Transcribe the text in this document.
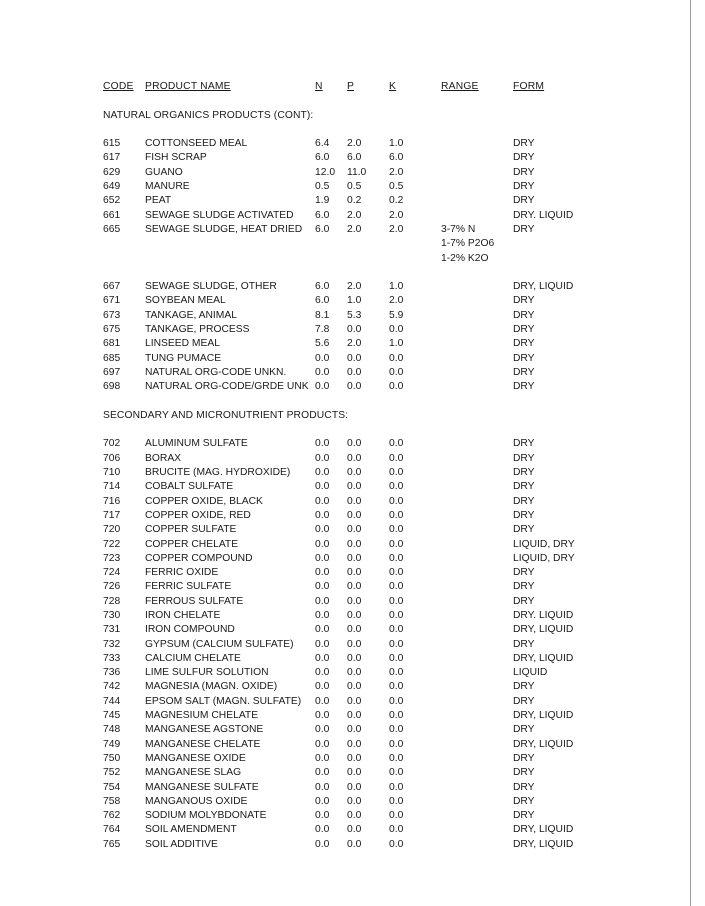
CODE	PRODUCT NAME	N	P	K	RANGE	FORM

NATURAL ORGANICS PRODUCTS (CONT):						

615	COTTONSEED MEAL	6.4	2.0	1.0		DRY
617	FISH SCRAP	6.0	6.0	6.0		DRY
629	GUANO	12.0	11.0	2.0		DRY
649	MANURE	0.5	0.5	0.5		DRY
652	PEAT	1.9	0.2	0.2		DRY
661	SEWAGE SLUDGE ACTIVATED	6.0	2.0	2.0		DRY. LIQUID
665	SEWAGE SLUDGE, HEAT DRIED	6.0	2.0	2.0	3-7% N	DRY
					1-7% P2O6	
					1-2% K2O	

667	SEWAGE SLUDGE, OTHER	6.0	2.0	1.0		DRY, LIQUID
671	SOYBEAN MEAL	6.0	1.0	2.0		DRY
673	TANKAGE, ANIMAL	8.1	5.3	5.9		DRY
675	TANKAGE, PROCESS	7.8	0.0	0.0		DRY
681	LINSEED MEAL	5.6	2.0	1.0		DRY
685	TUNG PUMACE	0.0	0.0	0.0		DRY
697	NATURAL ORG-CODE UNKN.	0.0	0.0	0.0		DRY
698	NATURAL ORG-CODE/GRDE UNK	0.0	0.0	0.0		DRY

SECONDARY AND MICRONUTRIENT PRODUCTS:						

702	ALUMINUM SULFATE	0.0	0.0	0.0		DRY
706	BORAX	0.0	0.0	0.0		DRY
710	BRUCITE (MAG. HYDROXIDE)	0.0	0.0	0.0		DRY
714	COBALT SULFATE	0.0	0.0	0.0		DRY
716	COPPER OXIDE, BLACK	0.0	0.0	0.0		DRY
717	COPPER OXIDE, RED	0.0	0.0	0.0		DRY
720	COPPER SULFATE	0.0	0.0	0.0		DRY
722	COPPER CHELATE	0.0	0.0	0.0		LIQUID, DRY
723	COPPER COMPOUND	0.0	0.0	0.0		LIQUID, DRY
724	FERRIC OXIDE	0.0	0.0	0.0		DRY
726	FERRIC SULFATE	0.0	0.0	0.0		DRY
728	FERROUS SULFATE	0.0	0.0	0.0		DRY
730	IRON CHELATE	0.0	0.0	0.0		DRY. LIQUID
731	IRON COMPOUND	0.0	0.0	0.0		DRY, LIQUID
732	GYPSUM (CALCIUM SULFATE)	0.0	0.0	0.0		DRY
733	CALCIUM CHELATE	0.0	0.0	0.0		DRY, LIQUID
736	LIME SULFUR SOLUTION	0.0	0.0	0.0		LIQUID
742	MAGNESIA (MAGN. OXIDE)	0.0	0.0	0.0		DRY
744	EPSOM SALT (MAGN. SULFATE)	0.0	0.0	0.0		DRY
745	MAGNESIUM CHELATE	0.0	0.0	0.0		DRY, LIQUID
748	MANGANESE AGSTONE	0.0	0.0	0.0		DRY
749	MANGANESE CHELATE	0.0	0.0	0.0		DRY, LIQUID
750	MANGANESE OXIDE	0.0	0.0	0.0		DRY
752	MANGANESE SLAG	0.0	0.0	0.0		DRY
754	MANGANESE SULFATE	0.0	0.0	0.0		DRY
758	MANGANOUS OXIDE	0.0	0.0	0.0		DRY
762	SODIUM MOLYBDONATE	0.0	0.0	0.0		DRY
764	SOIL AMENDMENT	0.0	0.0	0.0		DRY, LIQUID
765	SOIL ADDITIVE	0.0	0.0	0.0		DRY, LIQUID
